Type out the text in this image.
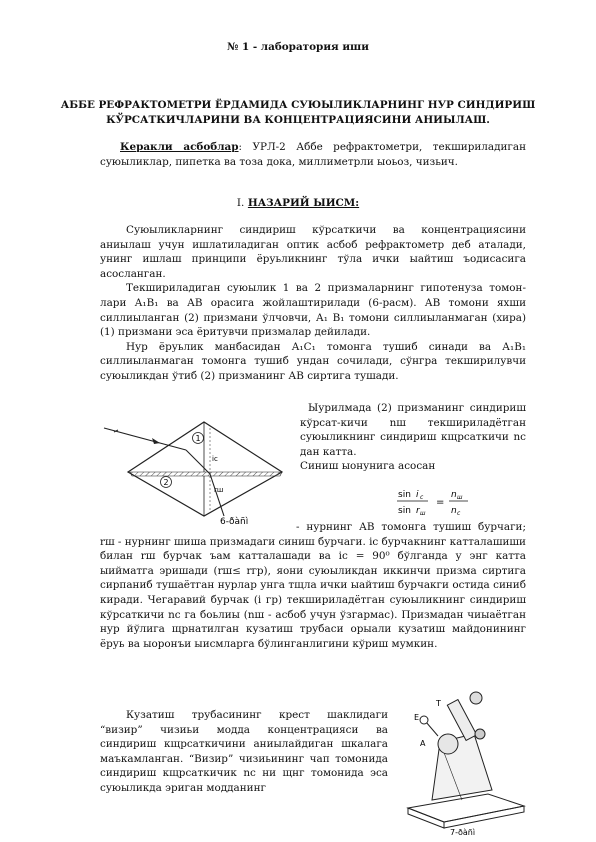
№ 1 - лаборатория иши
АББЕ РЕФРАКТОМЕТРИ ЁРДАМИДА СУЮЫЛИКЛАРНИНГ НУР СИНДИРИШ
КЎРСАТКИЧЛАРИНИ ВА КОНЦЕНТРАЦИЯСИНИ АНИЫЛАШ.

Керакли асбоблар: УРЛ-2 Аббе рефрактометри, текшириладиган суюыликлар, пипетка ва тоза дока, миллиметрли ыоьоз, чизьич.

I. НАЗАРИЙ ЫИСМ:

Суюыликларнинг синдириш кўрсаткичи ва концентрациясини аниылаш учун ишлатиладиган оптик асбоб рефрактометр деб аталади, унинг ишлаш принципи ёруьликнинг тўла ички ыайтиш ъодисасига асосланган.

Текшириладиган суюылик 1 ва 2 призмаларнинг гипотенуза томон-лари А₁В₁ ва АВ орасига жойлаштирилади (6-расм). АВ томони яхши силлиыланган (2) призмани ўлчовчи, А₁ В₁ томони силлиыланмаган (хира) (1) призмани эса ёритувчи призмалар дейилади.

Нур ёруьлик манбасидан А₁С₁ томонга тушиб синади ва А₁В₁ силлиыланмаган томонга тушиб ундан сочилади, сўнгра текширилувчи суюыликдан ўтиб (2) призманинг АВ сиртига тушади.

1
2
iс
rш
6-ðàñì

Ыурилмада (2) призманинг синдириш кўрсат-кичи nш текшириладётган суюыликнинг синдириш кщрсаткичи nс дан катта.

Синиш ыонунига асосан

sin i с
sin r ш
=
n ш
n с

- нурнинг АВ томонга тушиш бурчаги; rш - нурнинг шиша призмадаги синиш бурчаги. iс бурчакнинг катталашиши билан rш бурчак ъам катталашади ва iс = 90⁰ бўлганда у энг катта ыийматга эришади (rш≤ rгр), яони суюыликдан иккинчи призма сиртига сирпаниб тушаётган нурлар унга тщла ички ыайтиш бурчакги остида синиб киради. Чегаравий бурчак (i гр) текшириладётган суюыликнинг синдириш кўрсаткичи nс га боьлиы (nш - асбоб учун ўзгармас). Призмадан чиыаётган нур йўлига щрнатилган кузатиш трубаси орыали кузатиш майдонининг ёруь ва ыоронъи ыисмларга бўлинганлигини кўриш мумкин.

Кузатиш трубасининг крест шаклидаги “визир” чизиьи модда концентрацияси ва синдириш кщрсаткичини аниылайдиган шкалага маъкамланган. “Визир” чизиьининг чап томонида синдириш кщрсаткичик nс ни щнг томонида эса суюыликда эриган модданинг

T
E
A
7-ðàñì
